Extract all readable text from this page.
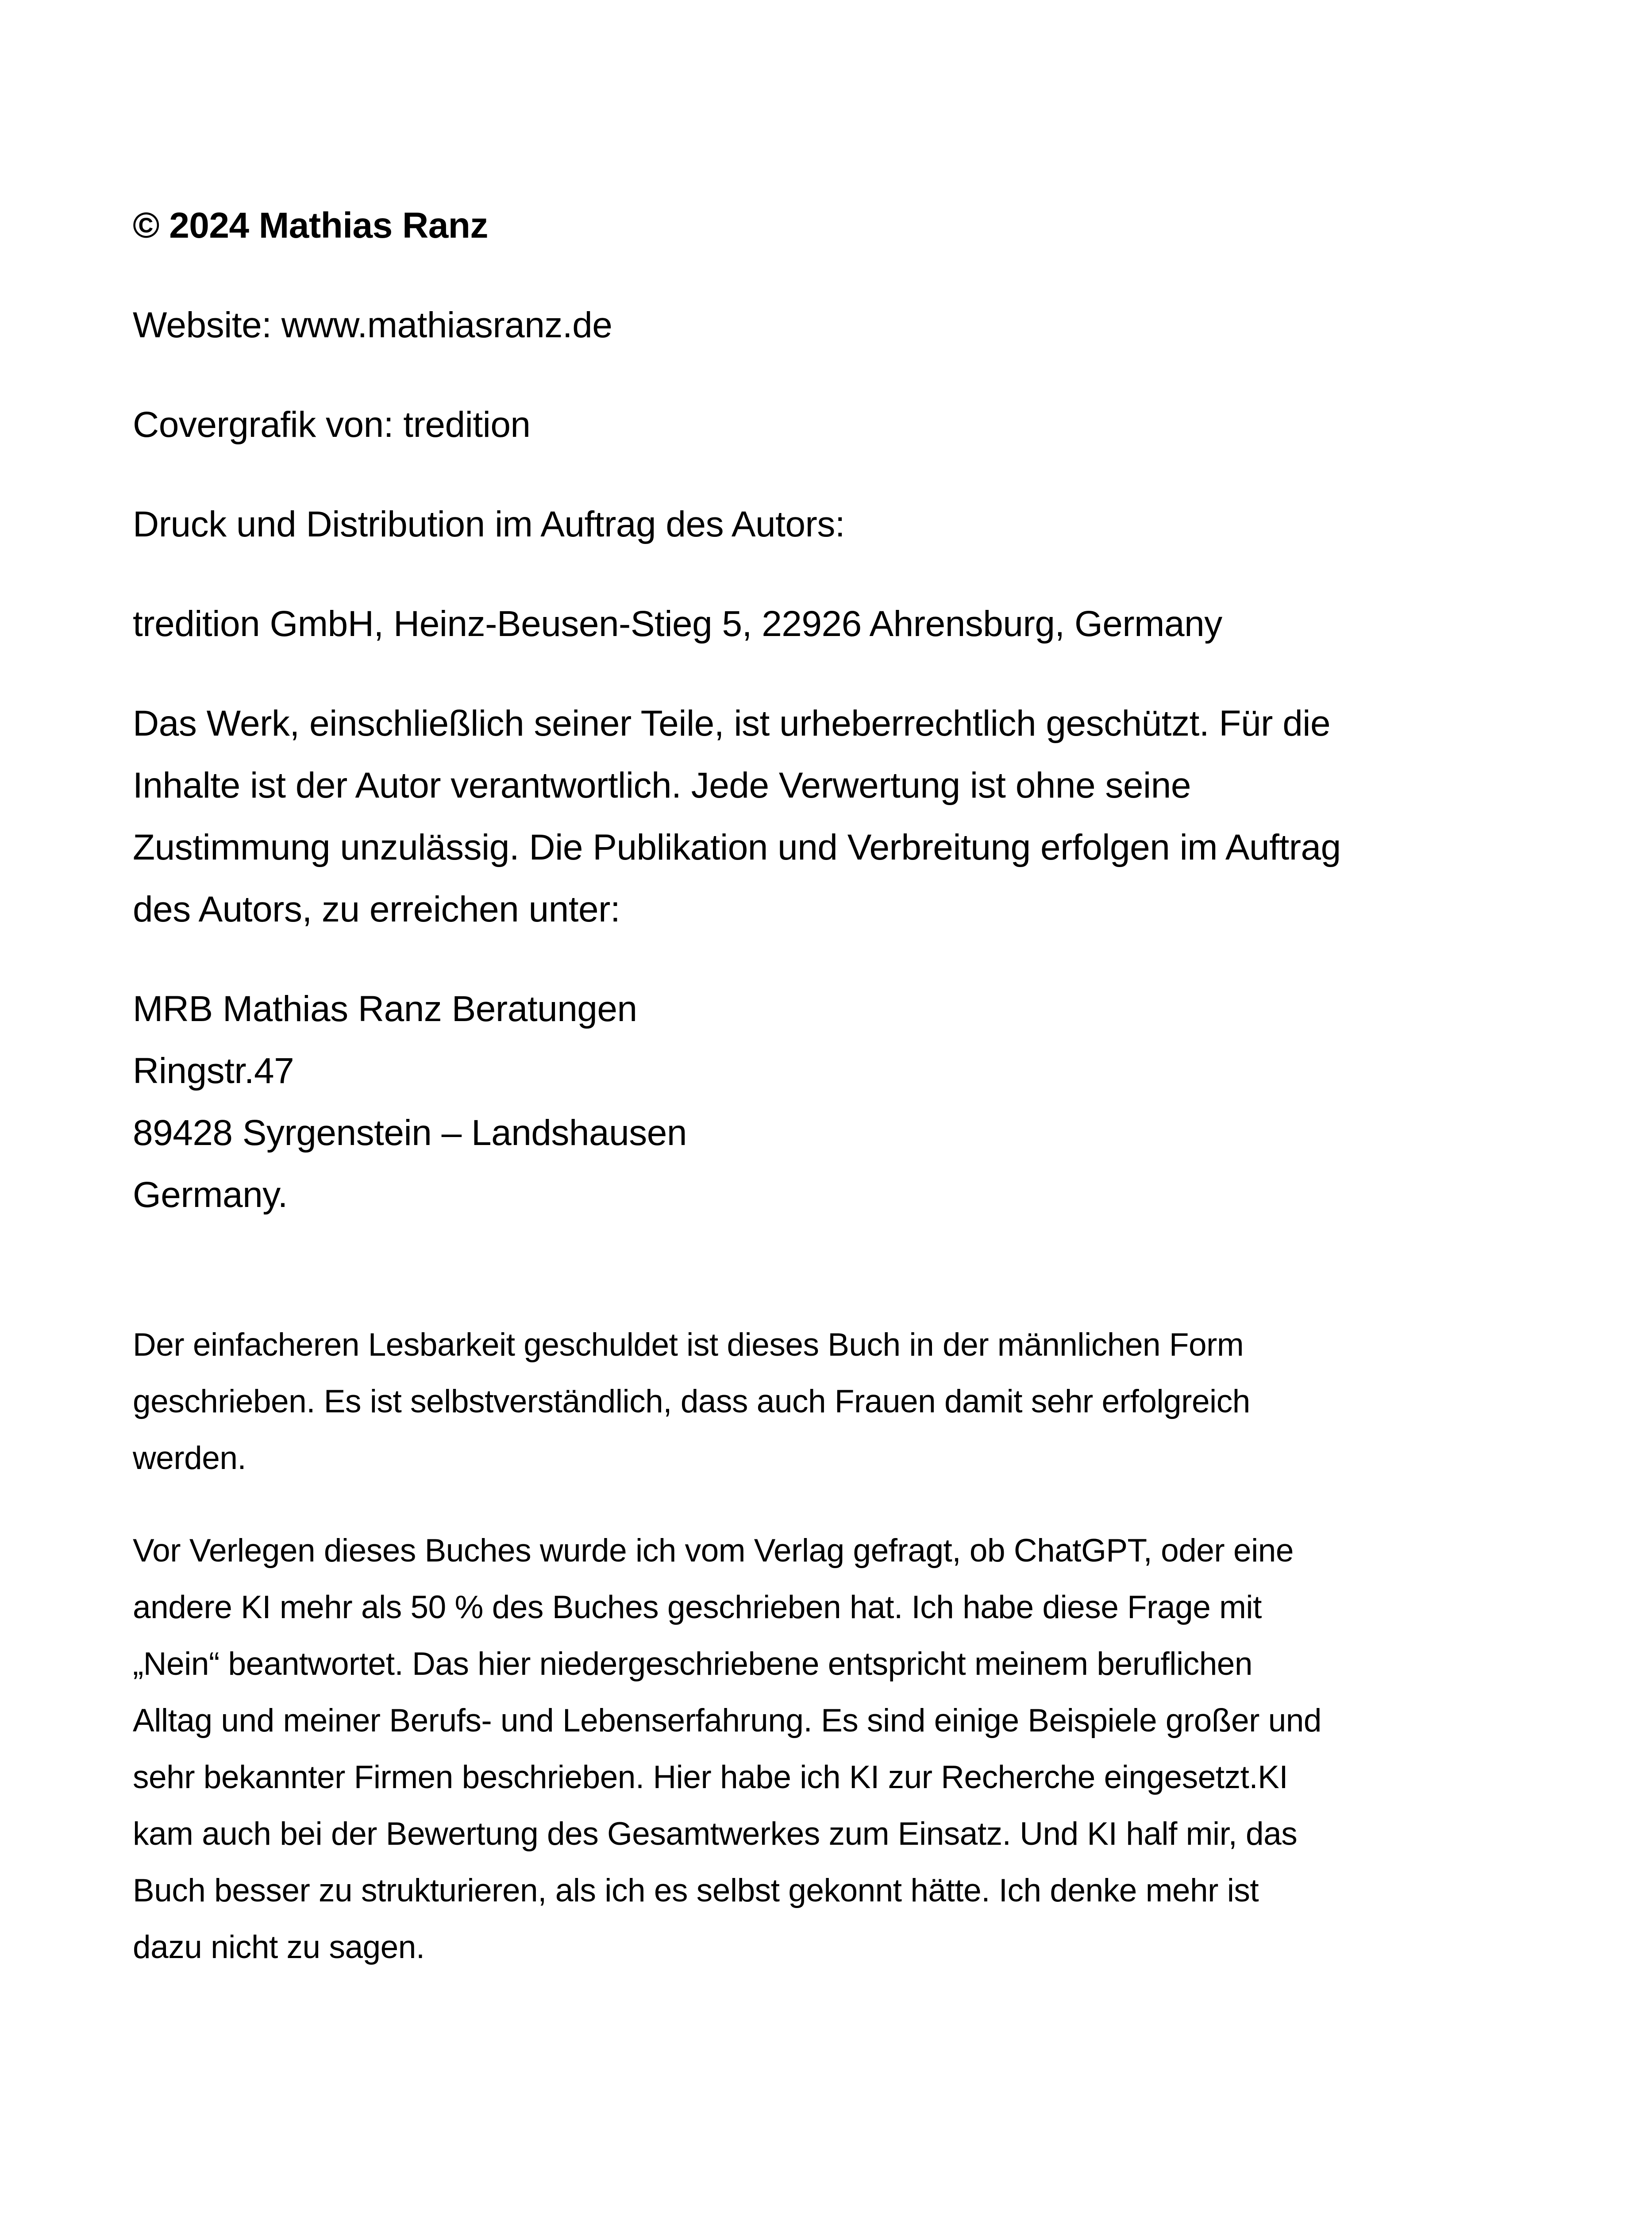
© 2024 Mathias Ranz

Website: www.mathiasranz.de

Covergrafik von: tredition

Druck und Distribution im Auftrag des Autors:

tredition GmbH, Heinz-Beusen-Stieg 5, 22926 Ahrensburg, Germany

Das Werk, einschließlich seiner Teile, ist urheberrechtlich geschützt. Für die
Inhalte ist der Autor verantwortlich. Jede Verwertung ist ohne seine
Zustimmung unzulässig. Die Publikation und Verbreitung erfolgen im Auftrag
des Autors, zu erreichen unter:
MRB Mathias Ranz Beratungen
Ringstr.47
89428 Syrgenstein – Landshausen
Germany.
Der einfacheren Lesbarkeit geschuldet ist dieses Buch in der männlichen Form
geschrieben. Es ist selbstverständlich, dass auch Frauen damit sehr erfolgreich
werden.
Vor Verlegen dieses Buches wurde ich vom Verlag gefragt, ob ChatGPT, oder eine
andere KI mehr als 50 % des Buches geschrieben hat. Ich habe diese Frage mit
„Nein“ beantwortet. Das hier niedergeschriebene entspricht meinem beruflichen
Alltag und meiner Berufs- und Lebenserfahrung. Es sind einige Beispiele großer und
sehr bekannter Firmen beschrieben. Hier habe ich KI zur Recherche eingesetzt.KI
kam auch bei der Bewertung des Gesamtwerkes zum Einsatz. Und KI half mir, das
Buch besser zu strukturieren, als ich es selbst gekonnt hätte. Ich denke mehr ist
dazu nicht zu sagen.
